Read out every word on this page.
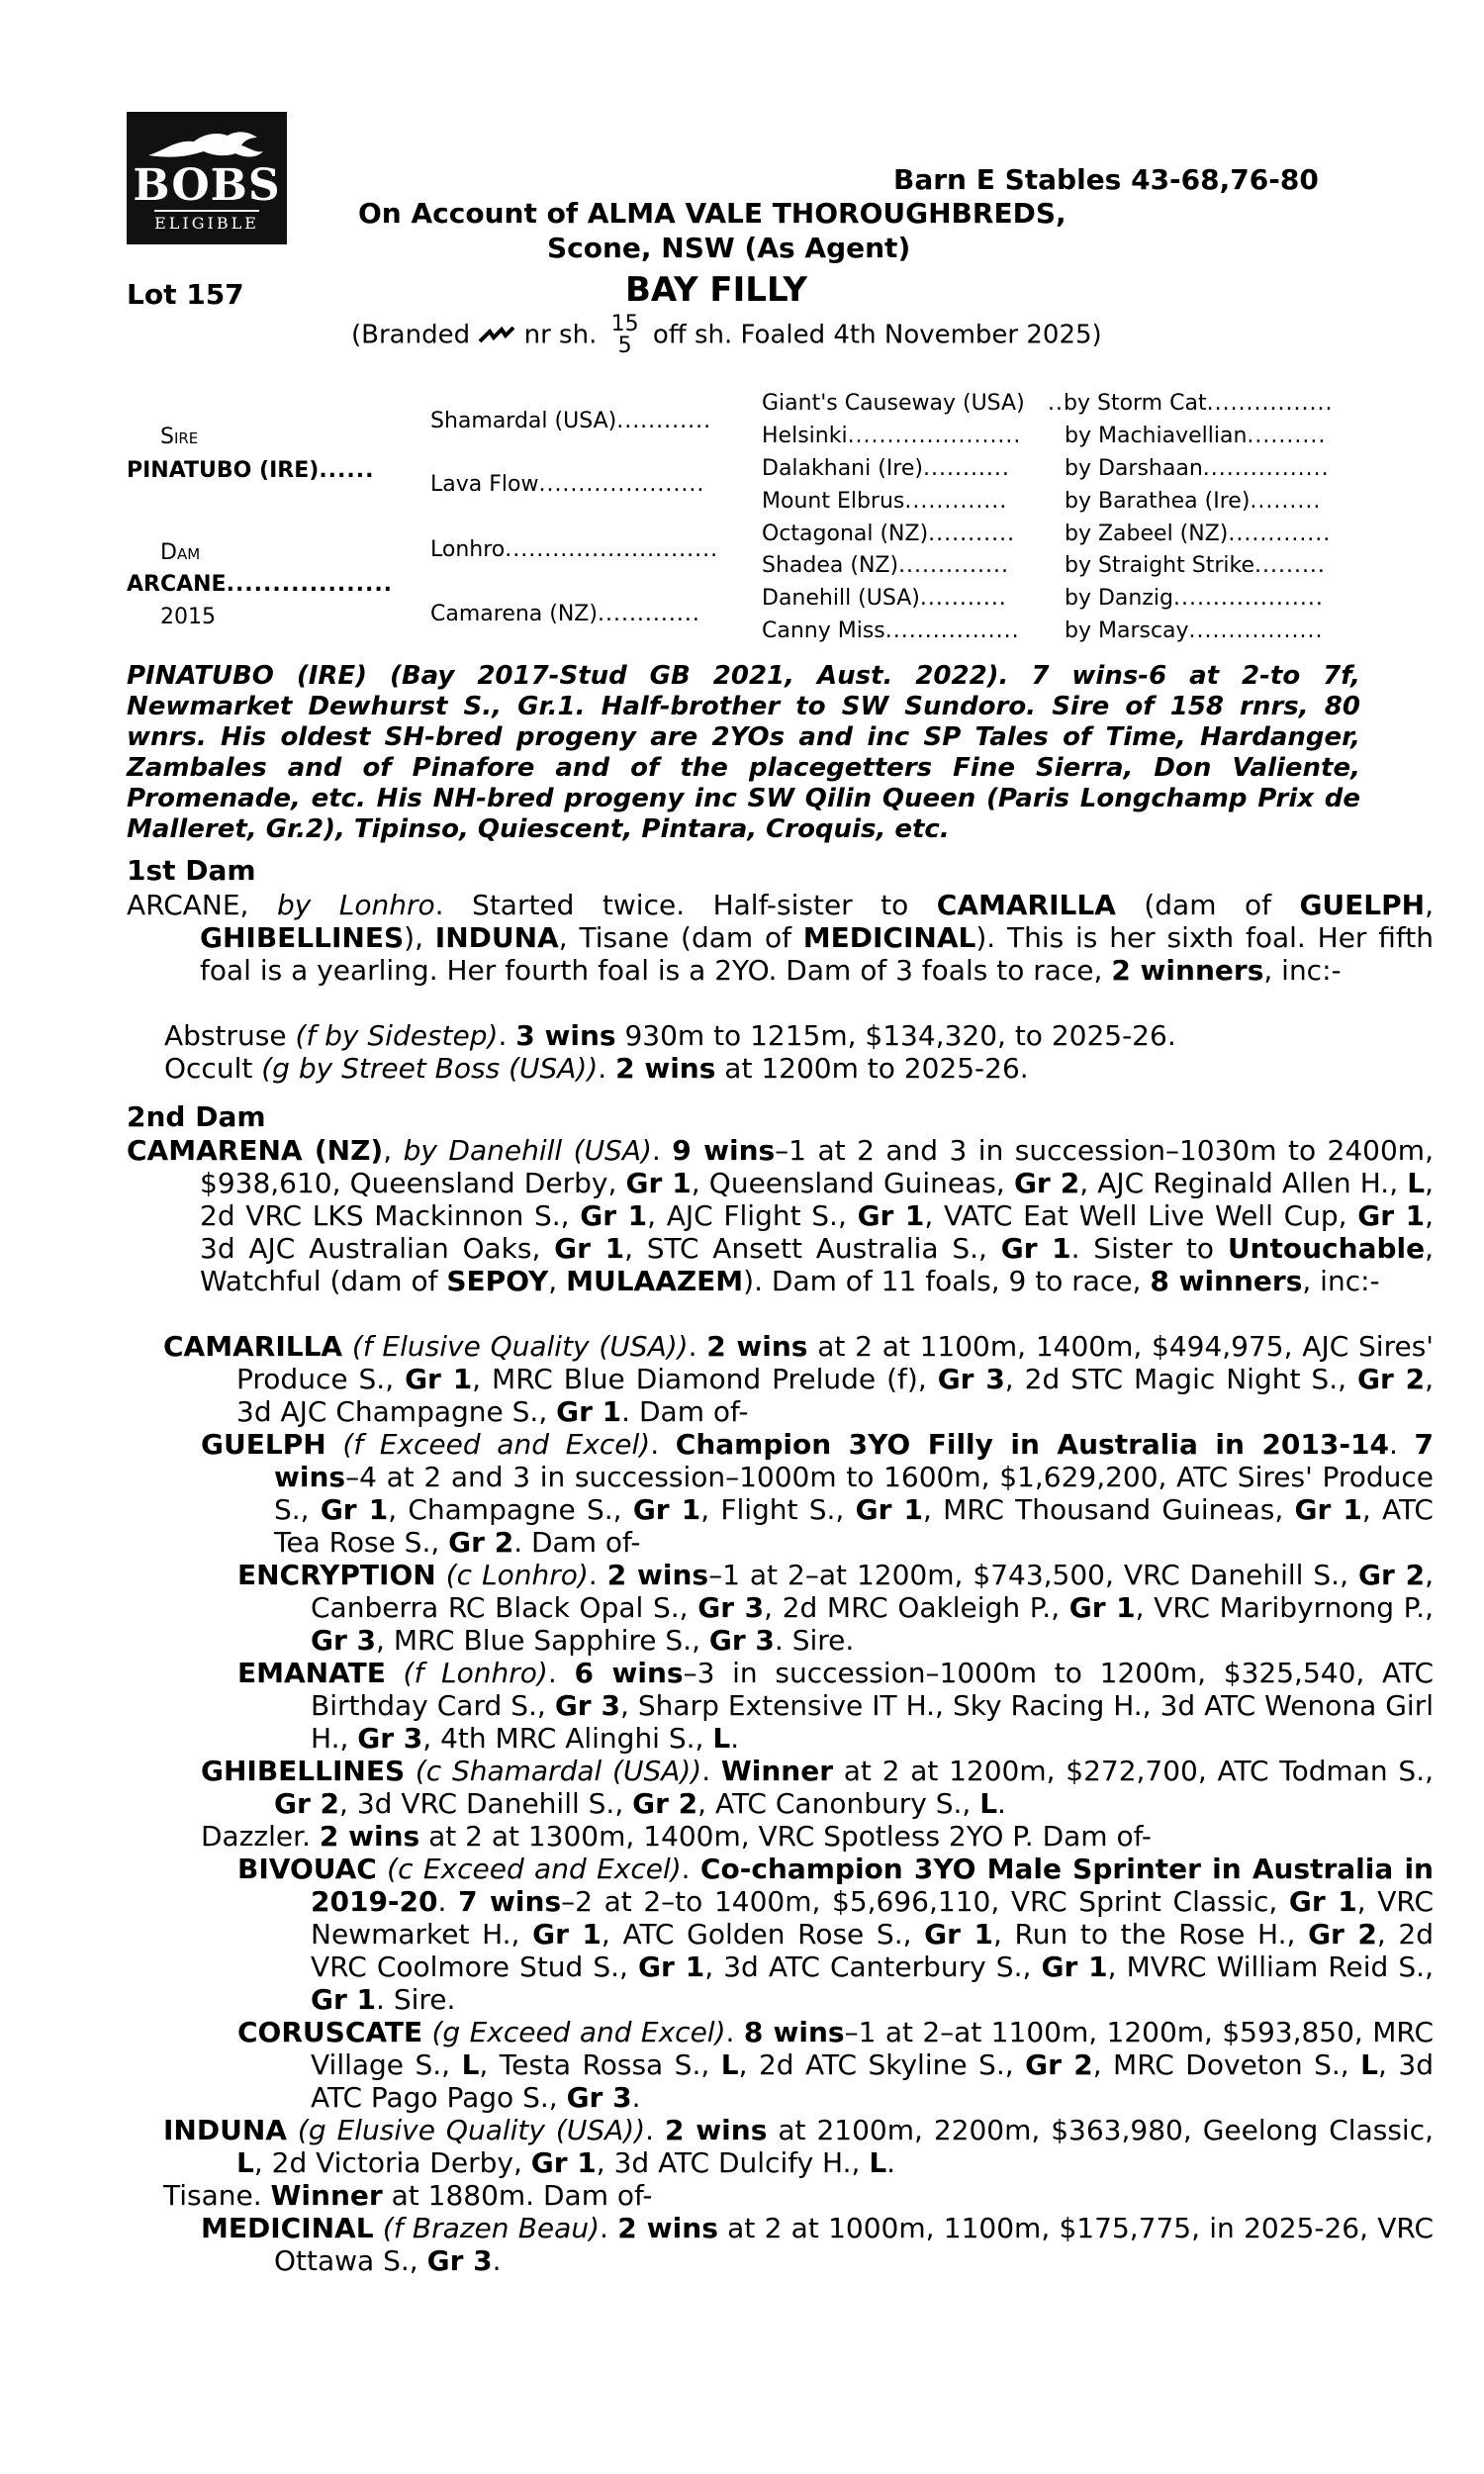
BOBS
ELIGIBLE
Barn E Stables 43-68,76-80
On Account of ALMA VALE THOROUGHBREDS,
Scone, NSW (As Agent)
Lot 157	BAY FILLY
(Branded nr sh. 15
5 off sh. Foaled 4th November 2025)
Sire
PINATUBO (IRE)......
Dam
ARCANE..................
2015
Shamardal (USA)............
Lava Flow.....................
Lonhro...........................
Camarena (NZ).............
Giant's Causeway (USA)
Helsinki......................
Dalakhani (Ire)...........
Mount Elbrus.............
Octagonal (NZ)...........
Shadea (NZ)..............
Danehill (USA)...........
Canny Miss.................
..by Storm Cat................
by Machiavellian..........
by Darshaan................
by Barathea (Ire).........
by Zabeel (NZ).............
by Straight Strike.........
by Danzig...................
by Marscay.................
PINATUBO (IRE) (Bay 2017-Stud GB 2021, Aust. 2022). 7 wins-6 at 2-to 7f, Newmarket Dewhurst S., Gr.1. Half-brother to SW Sundoro. Sire of 158 rnrs, 80 wnrs. His oldest SH-bred progeny are 2YOs and inc SP Tales of Time, Hardanger, Zambales and of Pinafore and of the placegetters Fine Sierra, Don Valiente, Promenade, etc. His NH-bred progeny inc SW Qilin Queen (Paris Longchamp Prix de Malleret, Gr.2), Tipinso, Quiescent, Pintara, Croquis, etc.
1st Dam
ARCANE, by Lonhro. Started twice. Half-sister to CAMARILLA (dam of GUELPH, GHIBELLINES), INDUNA, Tisane (dam of MEDICINAL). This is her sixth foal. Her fifth foal is a yearling. Her fourth foal is a 2YO. Dam of 3 foals to race, 2 winners, inc:-
Abstruse (f by Sidestep). 3 wins 930m to 1215m, $134,320, to 2025-26.
Occult (g by Street Boss (USA)). 2 wins at 1200m to 2025-26.
2nd Dam
CAMARENA (NZ), by Danehill (USA). 9 wins–1 at 2 and 3 in succession–1030m to 2400m, $938,610, Queensland Derby, Gr 1, Queensland Guineas, Gr 2, AJC Reginald Allen H., L, 2d VRC LKS Mackinnon S., Gr 1, AJC Flight S., Gr 1, VATC Eat Well Live Well Cup, Gr 1, 3d AJC Australian Oaks, Gr 1, STC Ansett Australia S., Gr 1. Sister to Untouchable, Watchful (dam of SEPOY, MULAAZEM). Dam of 11 foals, 9 to race, 8 winners, inc:-
CAMARILLA (f Elusive Quality (USA)). 2 wins at 2 at 1100m, 1400m, $494,975, AJC Sires' Produce S., Gr 1, MRC Blue Diamond Prelude (f), Gr 3, 2d STC Magic Night S., Gr 2, 3d AJC Champagne S., Gr 1. Dam of-
GUELPH (f Exceed and Excel). Champion 3YO Filly in Australia in 2013-14. 7 wins–4 at 2 and 3 in succession–1000m to 1600m, $1,629,200, ATC Sires' Produce S., Gr 1, Champagne S., Gr 1, Flight S., Gr 1, MRC Thousand Guineas, Gr 1, ATC Tea Rose S., Gr 2. Dam of-
ENCRYPTION (c Lonhro). 2 wins–1 at 2–at 1200m, $743,500, VRC Danehill S., Gr 2, Canberra RC Black Opal S., Gr 3, 2d MRC Oakleigh P., Gr 1, VRC Maribyrnong P., Gr 3, MRC Blue Sapphire S., Gr 3. Sire.
EMANATE (f Lonhro). 6 wins–3 in succession–1000m to 1200m, $325,540, ATC Birthday Card S., Gr 3, Sharp Extensive IT H., Sky Racing H., 3d ATC Wenona Girl H., Gr 3, 4th MRC Alinghi S., L.
GHIBELLINES (c Shamardal (USA)). Winner at 2 at 1200m, $272,700, ATC Todman S., Gr 2, 3d VRC Danehill S., Gr 2, ATC Canonbury S., L.
Dazzler. 2 wins at 2 at 1300m, 1400m, VRC Spotless 2YO P. Dam of-
BIVOUAC (c Exceed and Excel). Co-champion 3YO Male Sprinter in Australia in 2019-20. 7 wins–2 at 2–to 1400m, $5,696,110, VRC Sprint Classic, Gr 1, VRC Newmarket H., Gr 1, ATC Golden Rose S., Gr 1, Run to the Rose H., Gr 2, 2d VRC Coolmore Stud S., Gr 1, 3d ATC Canterbury S., Gr 1, MVRC William Reid S., Gr 1. Sire.
CORUSCATE (g Exceed and Excel). 8 wins–1 at 2–at 1100m, 1200m, $593,850, MRC Village S., L, Testa Rossa S., L, 2d ATC Skyline S., Gr 2, MRC Doveton S., L, 3d ATC Pago Pago S., Gr 3.
INDUNA (g Elusive Quality (USA)). 2 wins at 2100m, 2200m, $363,980, Geelong Classic, L, 2d Victoria Derby, Gr 1, 3d ATC Dulcify H., L.
Tisane. Winner at 1880m. Dam of-
MEDICINAL (f Brazen Beau). 2 wins at 2 at 1000m, 1100m, $175,775, in 2025-26, VRC Ottawa S., Gr 3.
